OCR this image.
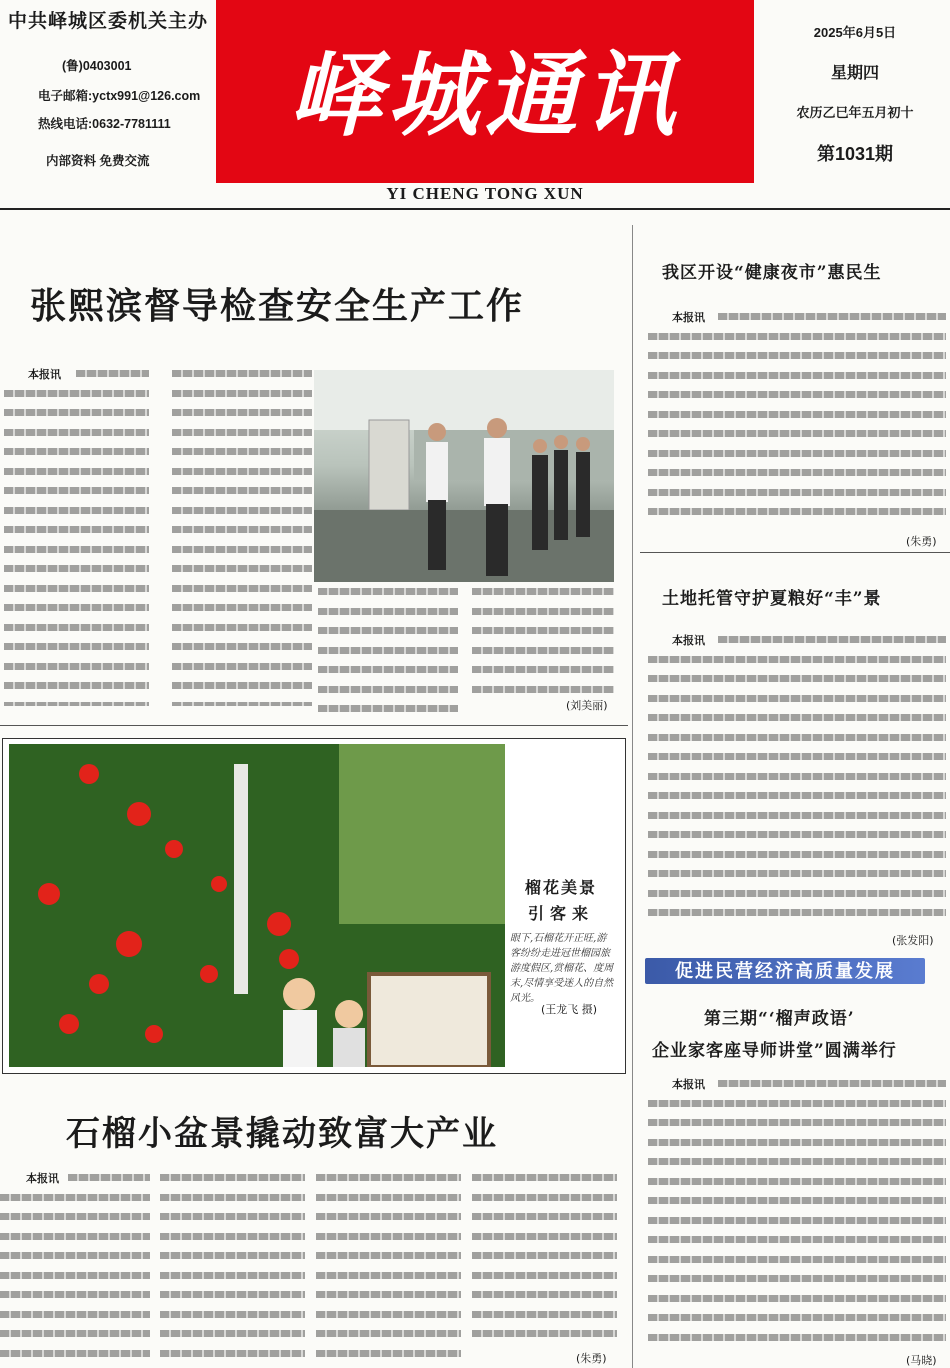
中共峄城区委机关主办
(鲁)0403001
电子邮箱:yctx991@126.com
热线电话:0632-7781111
内部资料 免费交流
峄城通讯
YI CHENG TONG XUN
2025年6月5日
星期四
农历乙巳年五月初十
第1031期
张熙滨督导检查安全生产工作
本报讯
(刘美丽)
榴花美景
引客来
眼下,石榴花开正旺,游客纷纷走进冠世榴园旅游度假区,赏榴花、度周末,尽情享受迷人的自然风光。
(王龙飞 摄)
石榴小盆景撬动致富大产业
本报讯
(朱勇)
我区开设“健康夜市”惠民生
本报讯
(朱勇)
土地托管守护夏粮好“丰”景
本报讯
(张发阳)
促进民营经济高质量发展
第三期“‘榴声政语’
企业家客座导师讲堂”圆满举行
本报讯
(马晓)
